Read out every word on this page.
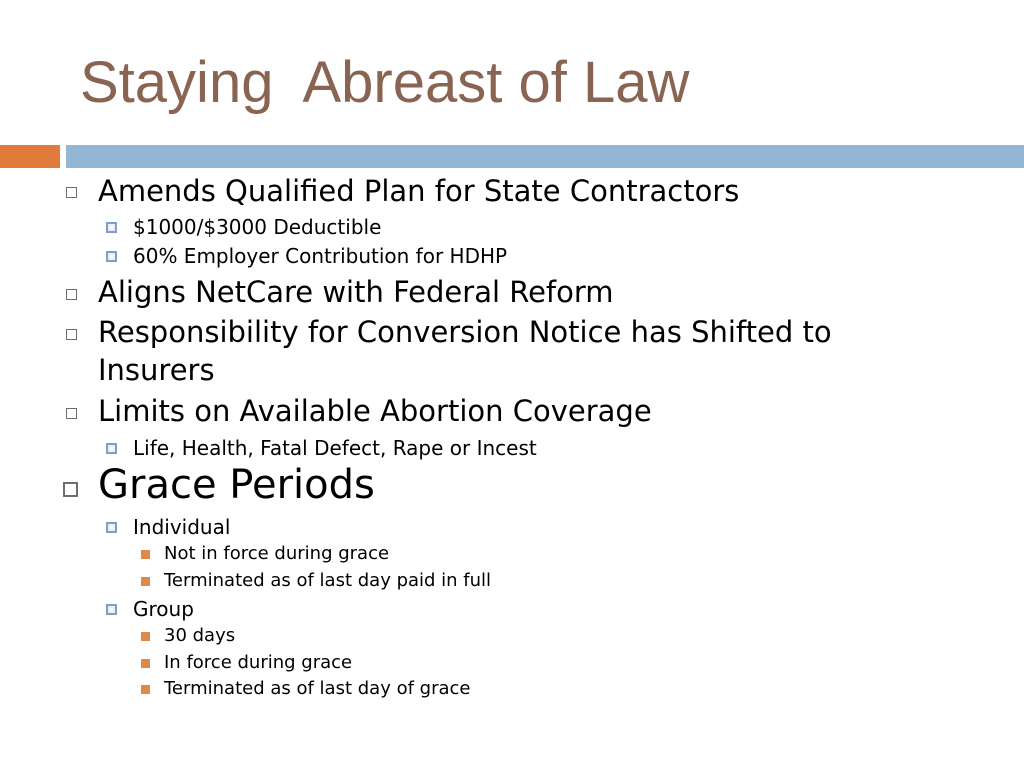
Staying  Abreast of Law
Amends Qualified Plan for State Contractors
$1000/$3000 Deductible
60% Employer Contribution for HDHP
Aligns NetCare with Federal Reform
Responsibility for Conversion Notice has Shifted to
Insurers
Limits on Available Abortion Coverage
Life, Health, Fatal Defect, Rape or Incest
Grace Periods
Individual
Not in force during grace
Terminated as of last day paid in full
Group
30 days
In force during grace
Terminated as of last day of grace
